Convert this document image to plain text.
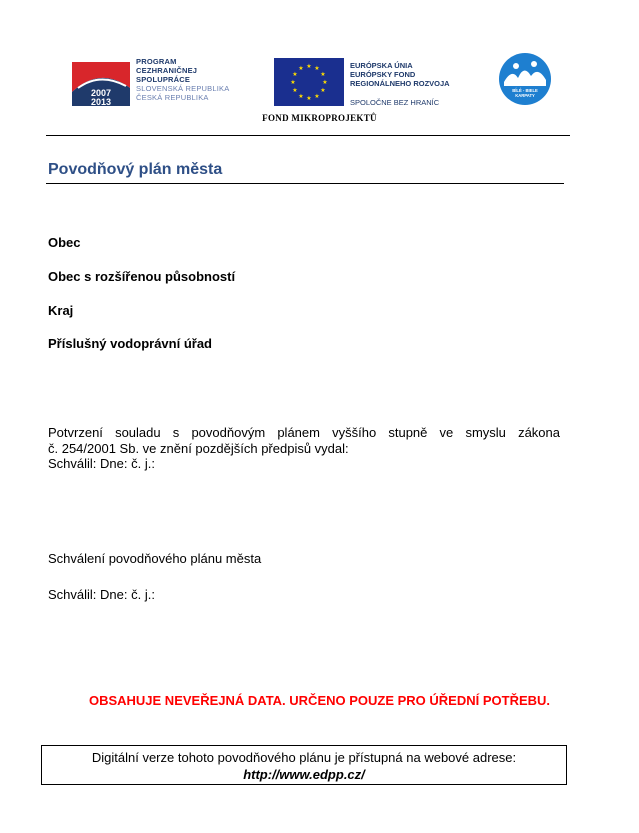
2007
2013
PROGRAM
CEZHRANIČNEJ
SPOLUPRÁCE
SLOVENSKÁ REPUBLIKA
ČESKÁ REPUBLIKA
★ ★
★
★
★
★
★
★
★
★
★
★	EURÓPSKA ÚNIA
EURÓPSKY FOND
REGIONÁLNEHO ROZVOJA
SPOLOČNE BEZ HRANÍC
BÍLÉ - BIELE
KARPATY
FOND MIKROPROJEKTŮ
Povodňový plán města
Obec
Obec s rozšířenou působností
Kraj
Příslušný vodoprávní úřad
Potvrzení souladu s povodňovým plánem vyššího stupně ve smyslu zákona
č. 254/2001 Sb. ve znění pozdějších předpisů vydal:
Schválil: Dne: č. j.:
Schválení povodňového plánu města
Schválil: Dne: č. j.:
OBSAHUJE NEVEŘEJNÁ DATA. URČENO POUZE PRO ÚŘEDNÍ POTŘEBU.
Digitální verze tohoto povodňového plánu je přístupná na webové adrese:
http://www.edpp.cz/
